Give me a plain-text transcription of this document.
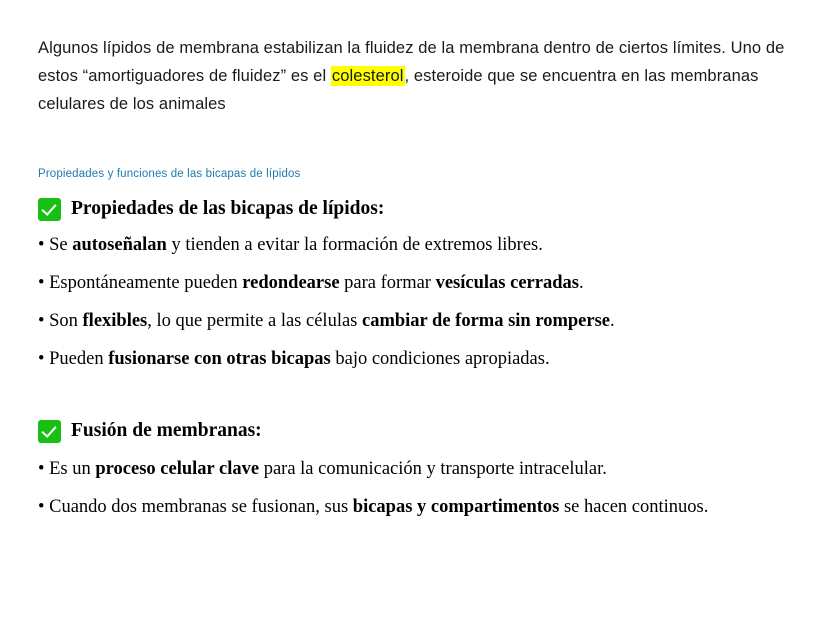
Algunos lípidos de membrana estabilizan la fluidez de la membrana dentro de ciertos límites. Uno de estos “amortiguadores de fluidez” es el colesterol, esteroide que se encuentra en las membranas celulares de los animales

Propiedades y funciones de las bicapas de lípidos
Propiedades de las bicapas de lípidos:

• Se autoseñalan y tienden a evitar la formación de extremos libres.

• Espontáneamente pueden redondearse para formar vesículas cerradas.

• Son flexibles, lo que permite a las células cambiar de forma sin romperse.

• Pueden fusionarse con otras bicapas bajo condiciones apropiadas.

Fusión de membranas:

• Es un proceso celular clave para la comunicación y transporte intracelular.

• Cuando dos membranas se fusionan, sus bicapas y compartimentos se hacen continuos.
